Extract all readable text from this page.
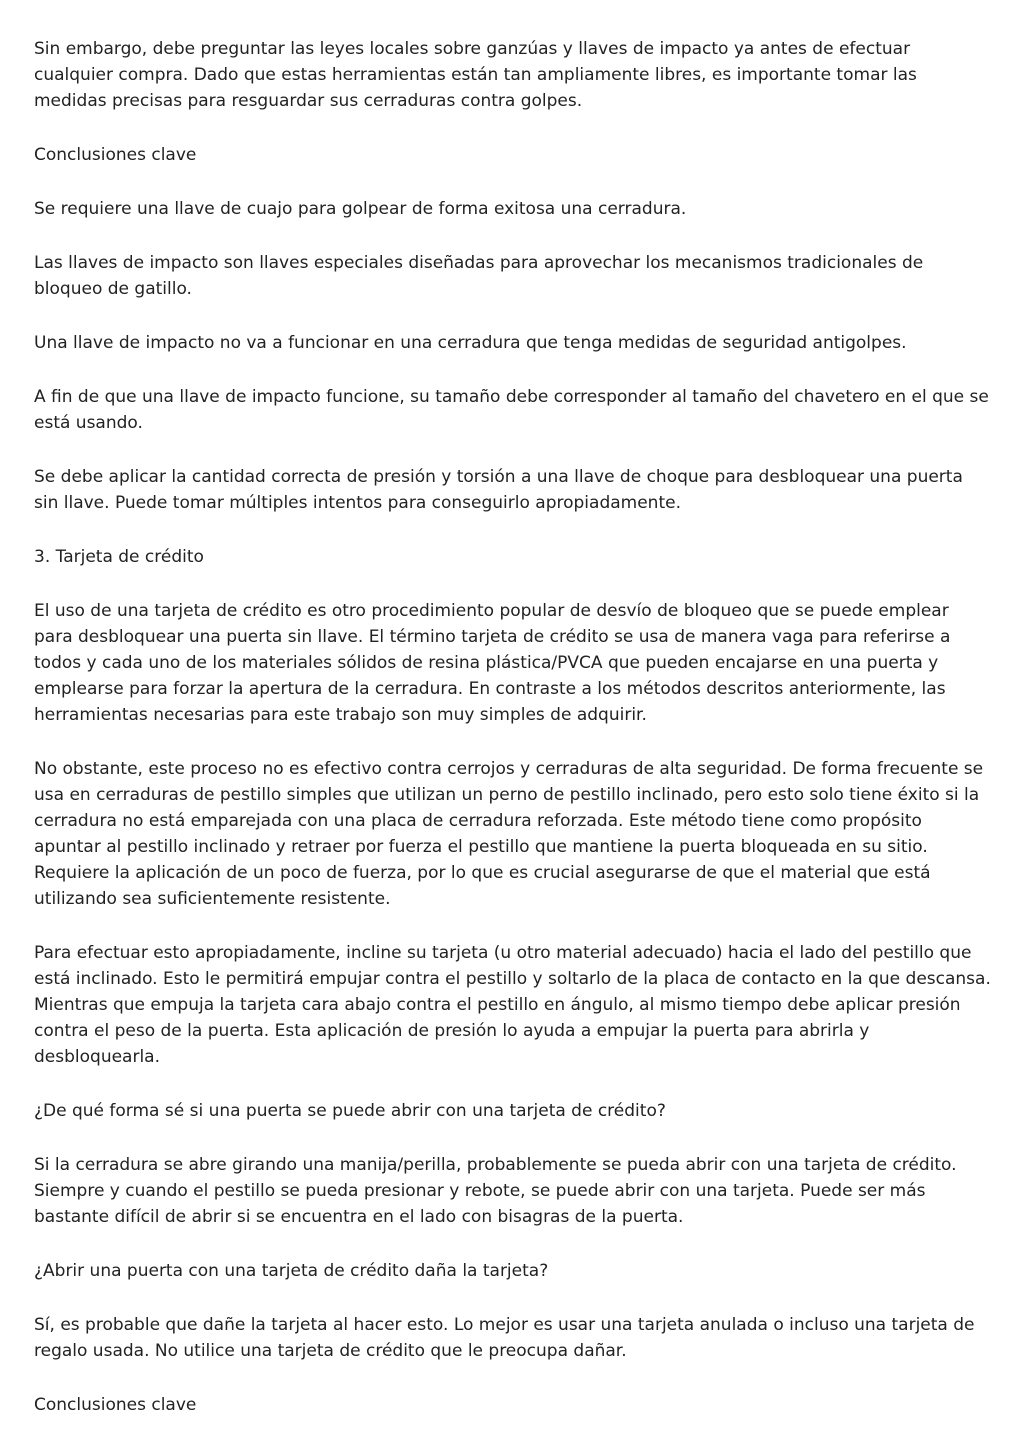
Sin embargo, debe preguntar las leyes locales sobre ganzúas y llaves de impacto ya antes de efectuar cualquier compra. Dado que estas herramientas están tan ampliamente libres, es importante tomar las medidas precisas para resguardar sus cerraduras contra golpes.

Conclusiones clave

Se requiere una llave de cuajo para golpear de forma exitosa una cerradura.

Las llaves de impacto son llaves especiales diseñadas para aprovechar los mecanismos tradicionales de bloqueo de gatillo.

Una llave de impacto no va a funcionar en una cerradura que tenga medidas de seguridad antigolpes.

A fin de que una llave de impacto funcione, su tamaño debe corresponder al tamaño del chavetero en el que se está usando.

Se debe aplicar la cantidad correcta de presión y torsión a una llave de choque para desbloquear una puerta sin llave. Puede tomar múltiples intentos para conseguirlo apropiadamente.

3. Tarjeta de crédito

El uso de una tarjeta de crédito es otro procedimiento popular de desvío de bloqueo que se puede emplear para desbloquear una puerta sin llave. El término tarjeta de crédito se usa de manera vaga para referirse a todos y cada uno de los materiales sólidos de resina plástica/PVCA que pueden encajarse en una puerta y emplearse para forzar la apertura de la cerradura. En contraste a los métodos descritos anteriormente, las herramientas necesarias para este trabajo son muy simples de adquirir.

No obstante, este proceso no es efectivo contra cerrojos y cerraduras de alta seguridad. De forma frecuente se usa en cerraduras de pestillo simples que utilizan un perno de pestillo inclinado, pero esto solo tiene éxito si la cerradura no está emparejada con una placa de cerradura reforzada. Este método tiene como propósito apuntar al pestillo inclinado y retraer por fuerza el pestillo que mantiene la puerta bloqueada en su sitio. Requiere la aplicación de un poco de fuerza, por lo que es crucial asegurarse de que el material que está utilizando sea suficientemente resistente.

Para efectuar esto apropiadamente, incline su tarjeta (u otro material adecuado) hacia el lado del pestillo que está inclinado. Esto le permitirá empujar contra el pestillo y soltarlo de la placa de contacto en la que descansa. Mientras que empuja la tarjeta cara abajo contra el pestillo en ángulo, al mismo tiempo debe aplicar presión contra el peso de la puerta. Esta aplicación de presión lo ayuda a empujar la puerta para abrirla y desbloquearla.

¿De qué forma sé si una puerta se puede abrir con una tarjeta de crédito?

Si la cerradura se abre girando una manija/perilla, probablemente se pueda abrir con una tarjeta de crédito. Siempre y cuando el pestillo se pueda presionar y rebote, se puede abrir con una tarjeta. Puede ser más bastante difícil de abrir si se encuentra en el lado con bisagras de la puerta.

¿Abrir una puerta con una tarjeta de crédito daña la tarjeta?

Sí, es probable que dañe la tarjeta al hacer esto. Lo mejor es usar una tarjeta anulada o incluso una tarjeta de regalo usada. No utilice una tarjeta de crédito que le preocupa dañar.

Conclusiones clave
